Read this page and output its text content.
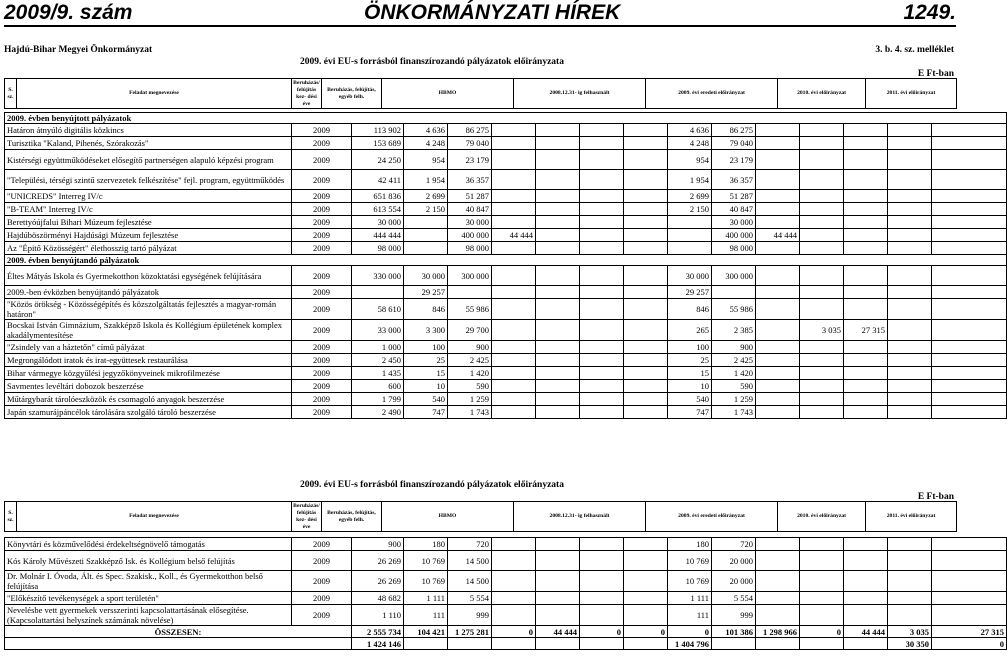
2009/9. szám	ÖNKORMÁNYZATI HÍREK	1249.
Hajdú-Bihar Megyei Önkormányzat	3. b. 4. sz. melléklet
2009. évi EU-s forrásból finanszírozandó pályázatok előirányzata
E Ft-ban
S. sz.	Feladat megnevezése	Beruházás/ felújítás kez- dési éve	Beruházás, felújítás, egyéb felh.	HBMO	2008.12.31- ig felhasznált	2009. évi eredeti előirányzat	2010. évi előirányzat	2011. évi előirányzat
2009. évben benyújtott pályázatok															
Határon átnyúló digitális közkincs	2009	113 902	4 636	86 275					4 636	86 275					
Turisztika "Kaland, Pihenés, Szórakozás"	2009	153 689	4 248	79 040					4 248	79 040					
Kistérségi együttműködéseket elősegítő partnerségen alapuló képzési program	2009	24 250	954	23 179					954	23 179					
"Települési, térségi szintű szervezetek felkészítése" fejl. program, együttműködés	2009	42 411	1 954	36 357					1 954	36 357					
"UNICREDS" Interreg IV/c	2009	651 836	2 699	51 287					2 699	51 287					
"B-TEAM" Interreg IV/c	2009	613 554	2 150	40 847					2 150	40 847					
Berettyóújfalui Bihari Múzeum fejlesztése	2009	30 000		30 000						30 000					
Hajdúböszörményi Hajdúsági Múzeum fejlesztése	2009	444 444		400 000	44 444					400 000	44 444				
Az "Épitő Közösségért" élethosszig tartó pályázat	2009	98 000		98 000						98 000					
2009. évben benyújtandó pályázatok															
Éltes Mátyás Iskola és Gyermekotthon közoktatási egységének felújítására	2009	330 000	30 000	300 000					30 000	300 000					
2009.-ben évközben benyújtandó pályázatok	2009		29 257						29 257						
"Közös örökség - Közösségépítés és közszolgáltatás fejlesztés a magyar-román határon"	2009	58 610	846	55 986					846	55 986					
Bocskai István Gimnázium, Szakképző Iskola és Kollégium épületének komplex akadálymentesítése	2009	33 000	3 300	29 700					265	2 385		3 035	27 315		
"Zsindely van a háztetőn" című pályázat	2009	1 000	100	900					100	900					
Megrongálódott iratok és irat-együttesek restaurálása	2009	2 450	25	2 425					25	2 425					
Bihar vármegye közgyűlési jegyzőkönyveinek mikrofilmezése	2009	1 435	15	1 420					15	1 420					
Savmentes levéltári dobozok beszerzése	2009	600	10	590					10	590					
Műtárgybarát tárolóeszközök és csomagoló anyagok beszerzése	2009	1 799	540	1 259					540	1 259					
Japán szamurájpáncélok tárolására szolgáló tároló beszerzése	2009	2 490	747	1 743					747	1 743					
2009. évi EU-s forrásból finanszírozandó pályázatok előirányzata
E Ft-ban
S. sz.	Feladat megnevezése	Beruházás/ felújítás kez- dési éve	Beruházás, felújítás, egyéb felh.	HBMO	2008.12.31- ig felhasznált	2009. évi eredeti előirányzat	2010. évi előirányzat	2011. évi előirányzat
Könyvtári és közművelődési érdekeltségnövelő támogatás	2009	900	180	720					180	720					
Kós Károly Művészeti Szakképző Isk. és Kollégium belső felújítás	2009	26 269	10 769	14 500					10 769	20 000					
Dr. Molnár I. Óvoda, Ált. és Spec. Szakisk., Koll., és Gyermekotthon belső felújítása	2009	26 269	10 769	14 500					10 769	20 000					
"Előkészítő tevékenységek a sport területén"	2009	48 682	1 111	5 554					1 111	5 554					
Nevelésbe vett gyermekek versszerinti kapcsolattartásának elősegítése. (Kapcsolattartási helyszínek számának növelése)	2009	1 110	111	999					111	999					
ÖSSZESEN:		2 555 734	104 421	1 275 281	0	44 444	0	0	0	101 386	1 298 966	0	44 444	3 035	27 315
		1 424 146							1 404 796					30 350	0
